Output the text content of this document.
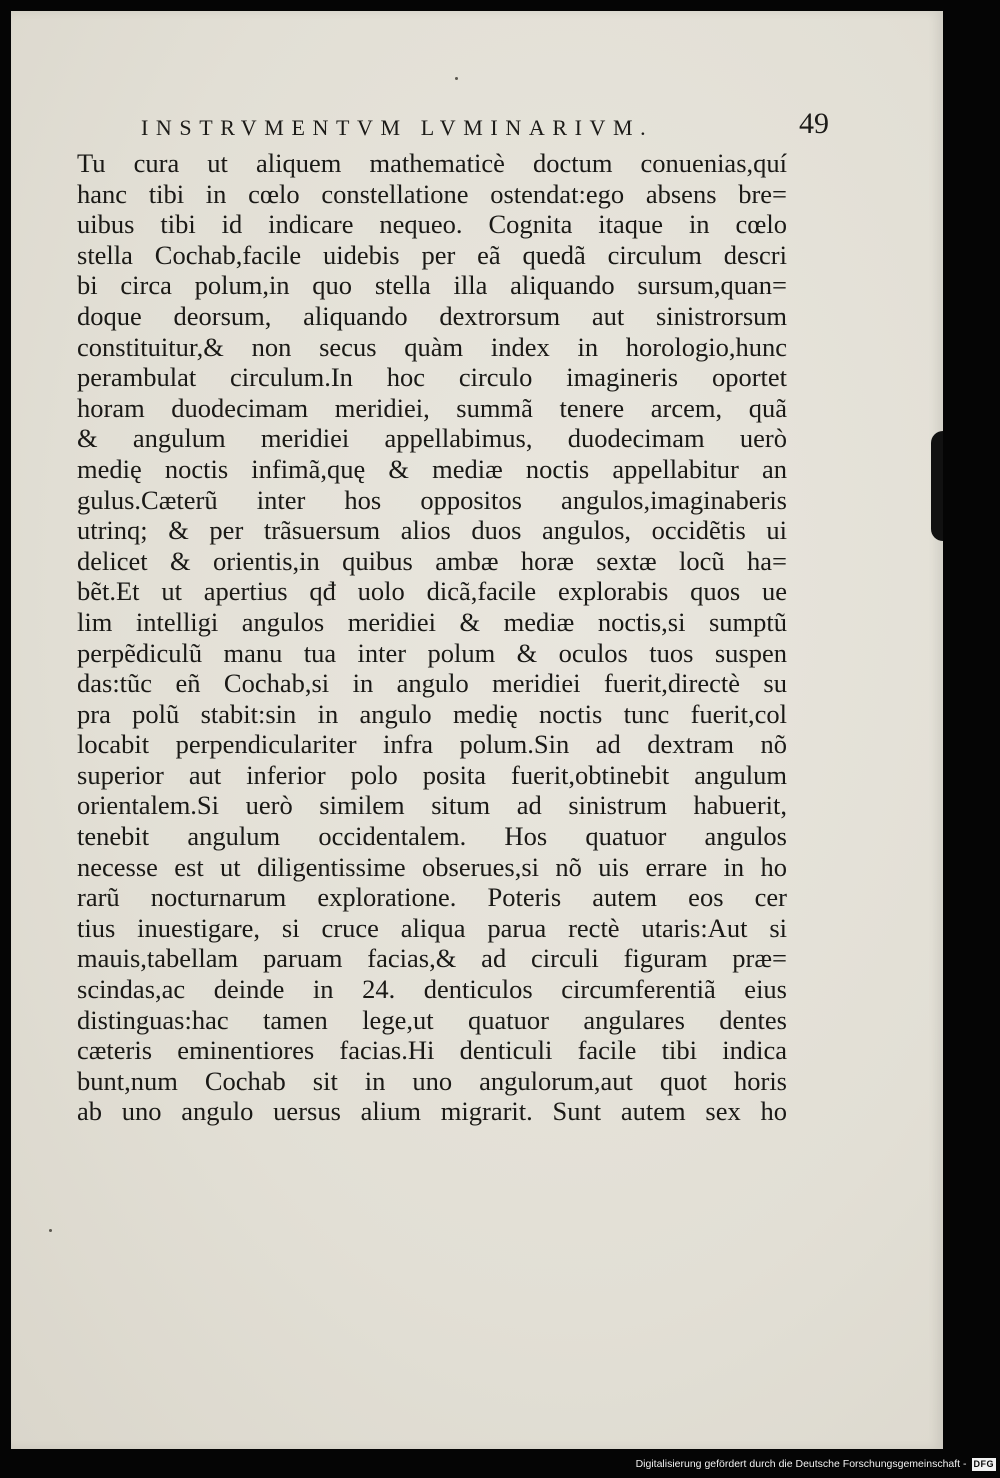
INSTRVMENTVM LVMINARIVM.	49
Tu cura ut aliquem mathematicè doctum conuenias,quí
hanc tibi in cœlo constellatione ostendat:ego absens bre=
uibus tibi id indicare nequeo. Cognita itaque in cœlo
stella Cochab,facile uidebis per eã quedã circulum descri
bi circa polum,in quo stella illa aliquando sursum,quan=
doque deorsum, aliquando dextrorsum aut sinistrorsum
constituitur,& non secus quàm index in horologio,hunc
perambulat circulum.In hoc circulo imagineris oportet
horam duodecimam meridiei, summã tenere arcem, quã
& angulum meridiei appellabimus, duodecimam uerò
medię noctis infimã,quę & mediæ noctis appellabitur an
gulus.Cæterũ inter hos oppositos angulos,imaginaberis
utrinq; & per trãsuersum alios duos angulos, occidẽtis ui
delicet & orientis,in quibus ambæ horæ sextæ locũ ha=
bẽt.Et ut apertius qđ uolo dicã,facile explorabis quos ue
lim intelligi angulos meridiei & mediæ noctis,si sumptũ
perpẽdiculũ manu tua inter polum & oculos tuos suspen
das:tũc eñ Cochab,si in angulo meridiei fuerit,directè su
pra polũ stabit:sin in angulo medię noctis tunc fuerit,col
locabit perpendiculariter infra polum.Sin ad dextram nõ
superior aut inferior polo posita fuerit,obtinebit angulum
orientalem.Si uerò similem situm ad sinistrum habuerit,
tenebit angulum occidentalem. Hos quatuor angulos
necesse est ut diligentissime obserues,si nõ uis errare in ho
rarũ nocturnarum exploratione. Poteris autem eos cer
tius inuestigare, si cruce aliqua parua rectè utaris:Aut si
mauis,tabellam paruam facias,& ad circuli figuram præ=
scindas,ac deinde in 24. denticulos circumferentiã eius
distinguas:hac tamen lege,ut quatuor angulares dentes
cæteris eminentiores facias.Hi denticuli facile tibi indica
bunt,num Cochab sit in uno angulorum,aut quot horis
ab uno angulo uersus alium migrarit. Sunt autem sex ho
Digitalisierung gefördert durch die Deutsche Forschungsgemeinschaft - DFG
